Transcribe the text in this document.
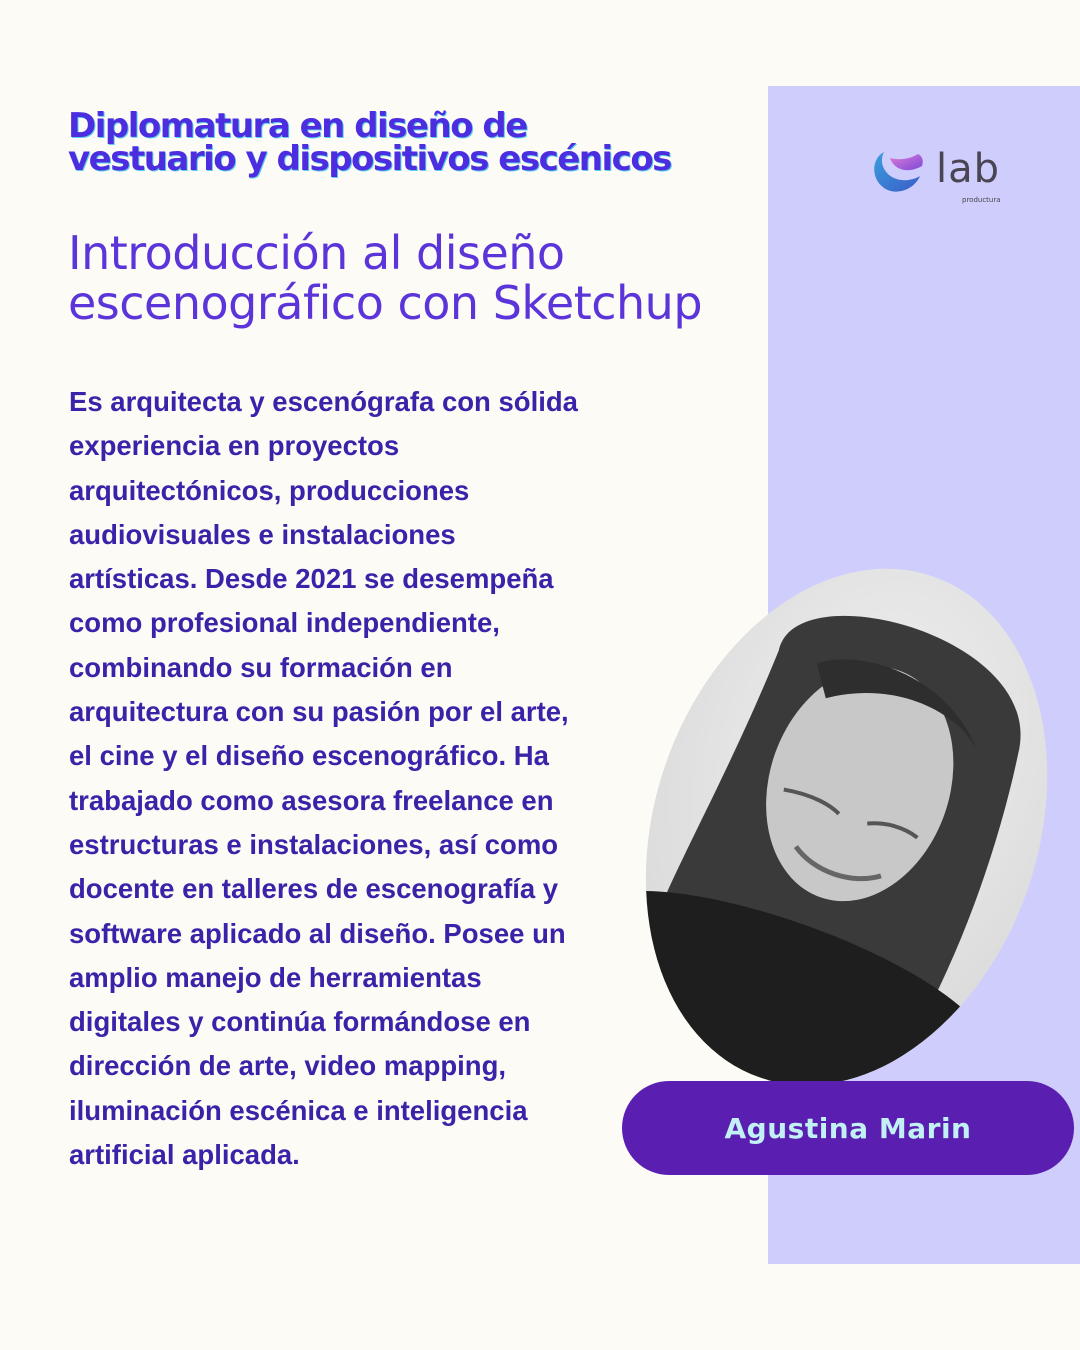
lab
productura
Diplomatura en diseño de vestuario y dispositivos escénicos
Introducción al diseño escenográfico con Sketchup

Es arquitecta y escenógrafa con sólida experiencia en proyectos arquitectónicos, producciones audiovisuales e instalaciones artísticas. Desde 2021 se desempeña como profesional independiente, combinando su formación en arquitectura con su pasión por el arte, el cine y el diseño escenográfico. Ha trabajado como asesora freelance en estructuras e instalaciones, así como docente en talleres de escenografía y software aplicado al diseño. Posee un amplio manejo de herramientas digitales y continúa formándose en dirección de arte, video mapping, iluminación escénica e inteligencia artificial aplicada.

Agustina Marin
